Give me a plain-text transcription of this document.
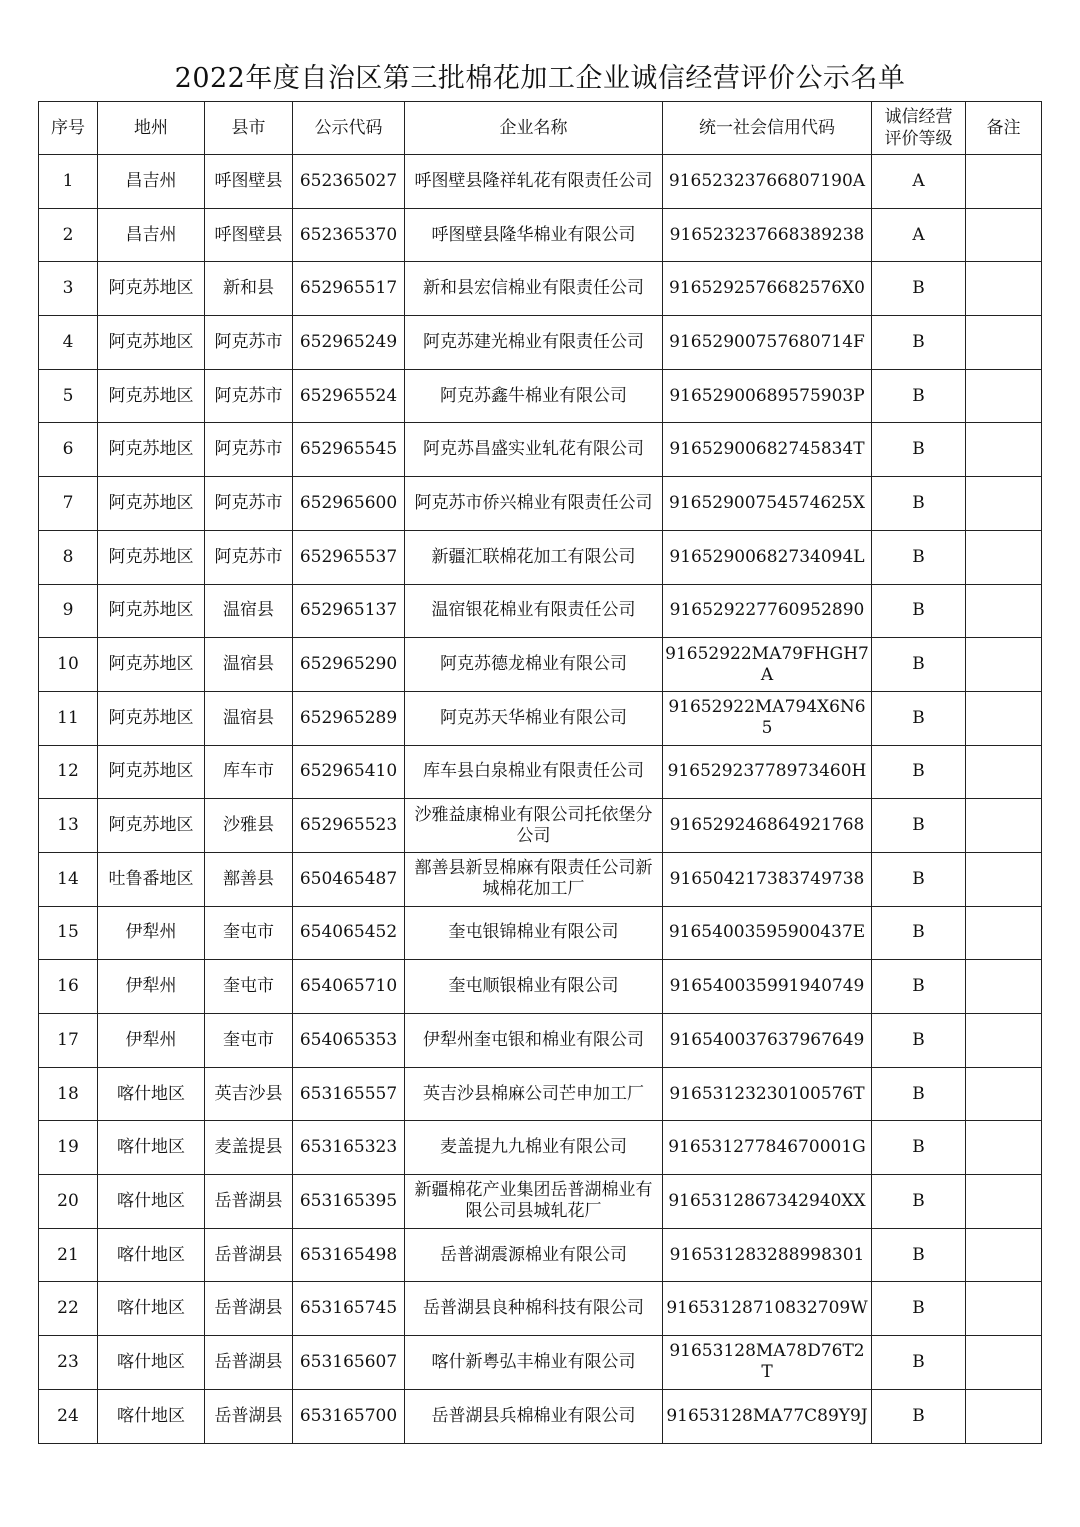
2022年度自治区第三批棉花加工企业诚信经营评价公示名单
序号	地州	县市	公示代码	企业名称	统一社会信用代码	诚信经营评价等级	备注
1	昌吉州	呼图壁县	652365027	呼图壁县隆祥轧花有限责任公司	91652323766807190A	A	
2	昌吉州	呼图壁县	652365370	呼图壁县隆华棉业有限公司	91652323766838923​8	A	
3	阿克苏地区	新和县	652965517	新和县宏信棉业有限责任公司	916529257668257​6X0	B	
4	阿克苏地区	阿克苏市	652965249	阿克苏建光棉业有限责任公司	91652900757680714F	B	
5	阿克苏地区	阿克苏市	652965524	阿克苏鑫牛棉业有限公司	91652900689575903P	B	
6	阿克苏地区	阿克苏市	652965545	阿克苏昌盛实业轧花有限公司	91652900682745834T	B	
7	阿克苏地区	阿克苏市	652965600	阿克苏市侨兴棉业有限责任公司	91652900754574625X	B	
8	阿克苏地区	阿克苏市	652965537	新疆汇联棉花加工有限公司	91652900682734094L	B	
9	阿克苏地区	温宿县	652965137	温宿银花棉业有限责任公司	916529227760952890	B	
10	阿克苏地区	温宿县	652965290	阿克苏德龙棉业有限公司	91652922MA79FHGH7A	B	
11	阿克苏地区	温宿县	652965289	阿克苏天华棉业有限公司	91652922MA794X6N65	B	
12	阿克苏地区	库车市	652965410	库车县白泉棉业有限责任公司	91652923778973460H	B	
13	阿克苏地区	沙雅县	652965523	沙雅益康棉业有限公司托依堡分公司	916529246864921768	B	
14	吐鲁番地区	鄯善县	650465487	鄯善县新昱棉麻有限责任公司新城棉花加工厂	916504217383749738	B	
15	伊犁州	奎屯市	654065452	奎屯银锦棉业有限公司	91654003595900437E	B	
16	伊犁州	奎屯市	654065710	奎屯顺银棉业有限公司	916540035991940749	B	
17	伊犁州	奎屯市	654065353	伊犁州奎屯银和棉业有限公司	916540037637967649	B	
18	喀什地区	英吉沙县	653165557	英吉沙县棉麻公司芒申加工厂	91653123230100576T	B	
19	喀什地区	麦盖提县	653165323	麦盖提九九棉业有限公司	91653127784670001G	B	
20	喀什地区	岳普湖县	653165395	新疆棉花产业集团岳普湖棉业有限公司县城轧花厂	916531286734294​0XX	B	
21	喀什地区	岳普湖县	653165498	岳普湖震源棉业有限公司	916531283288998301	B	
22	喀什地区	岳普湖县	653165745	岳普湖县良种棉科技有限公司	91653128710832709W	B	
23	喀什地区	岳普湖县	653165607	喀什新粤弘丰棉业有限公司	91653128MA78D76T2T	B	
24	喀什地区	岳普湖县	653165700	岳普湖县兵棉棉业有限公司	91653128MA77C89Y9J	B	
